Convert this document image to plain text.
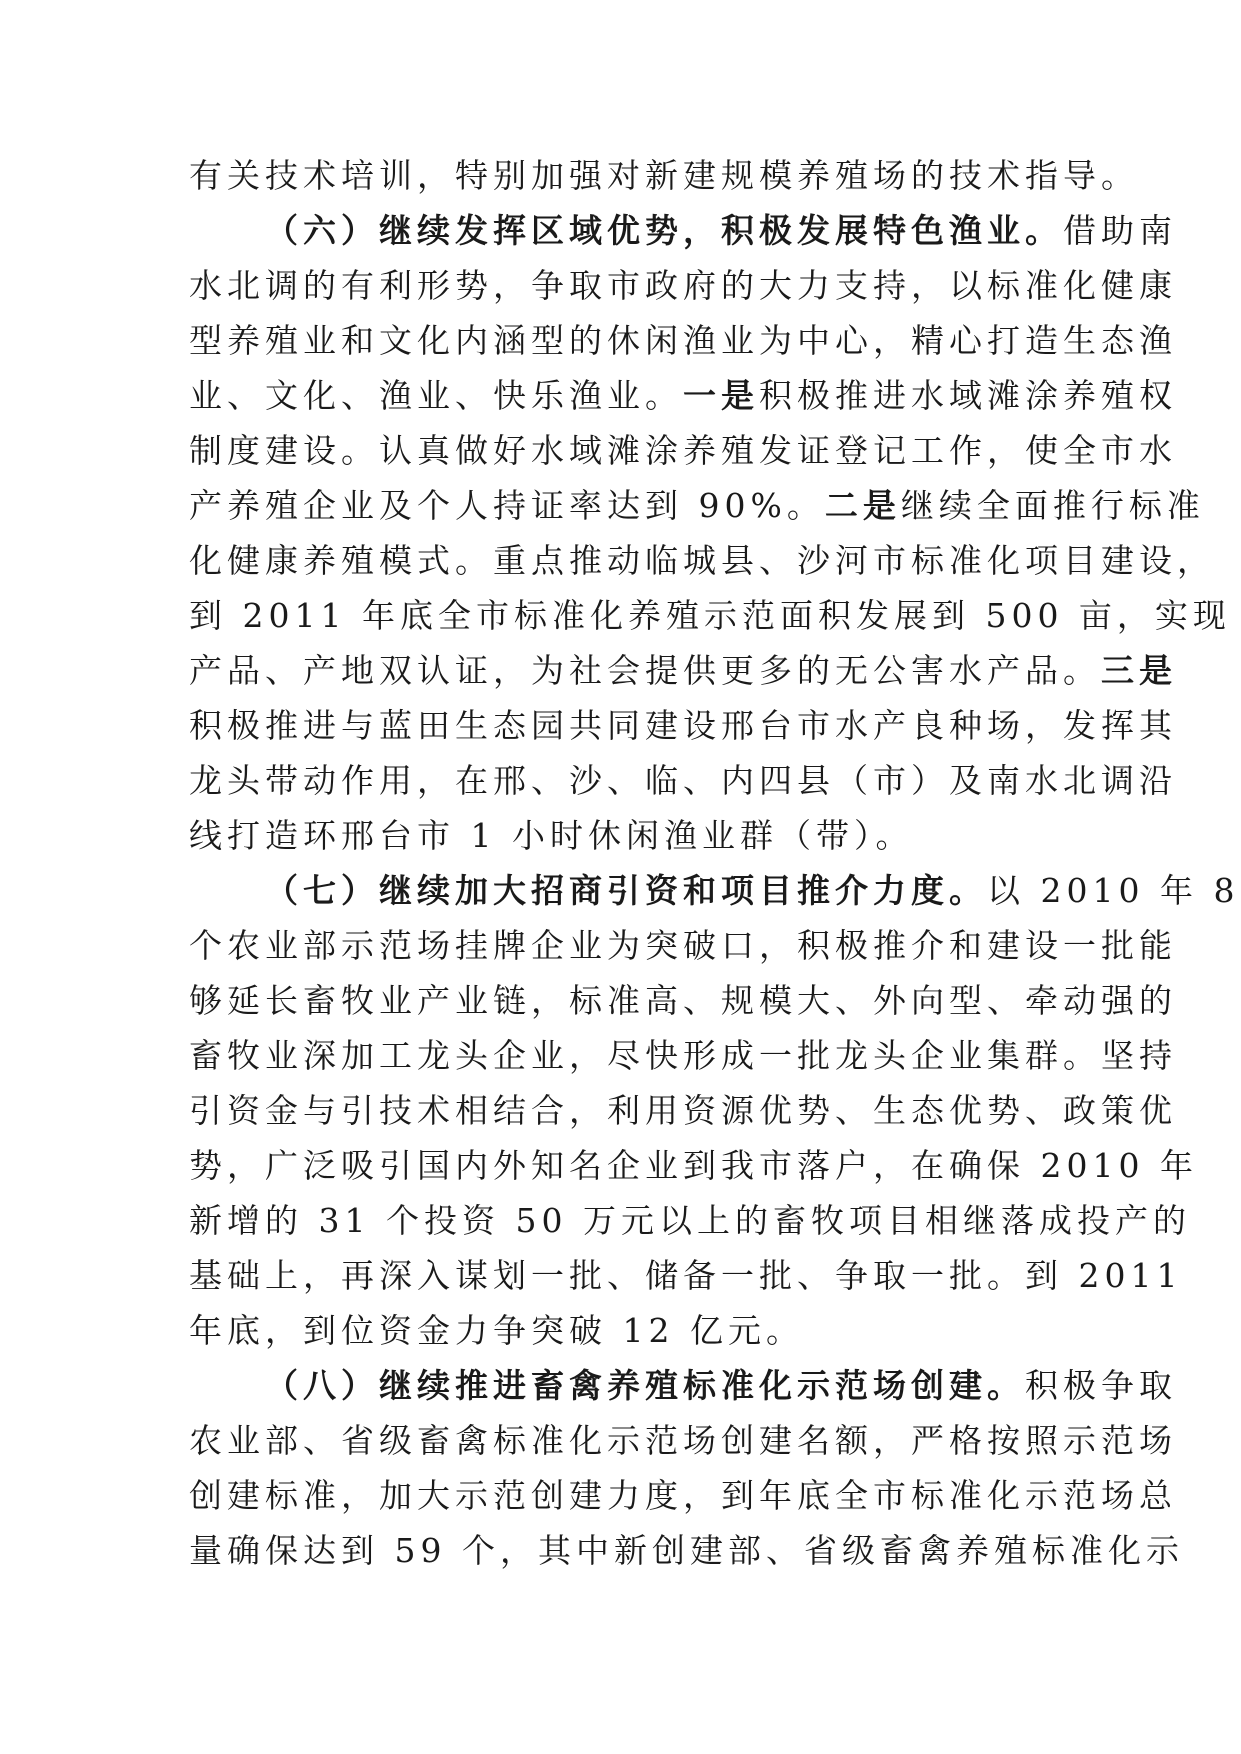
有关技术培训，特别加强对新建规模养殖场的技术指导。
（六）继续发挥区域优势，积极发展特色渔业。借助南
水北调的有利形势，争取市政府的大力支持，以标准化健康
型养殖业和文化内涵型的休闲渔业为中心，精心打造生态渔
业、文化、渔业、快乐渔业。一是积极推进水域滩涂养殖权
制度建设。认真做好水域滩涂养殖发证登记工作，使全市水
产养殖企业及个人持证率达到 90%。二是继续全面推行标准
化健康养殖模式。重点推动临城县、沙河市标准化项目建设，
到 2011 年底全市标准化养殖示范面积发展到 500 亩，实现
产品、产地双认证，为社会提供更多的无公害水产品。三是
积极推进与蓝田生态园共同建设邢台市水产良种场，发挥其
龙头带动作用，在邢、沙、临、内四县（市）及南水北调沿
线打造环邢台市 1 小时休闲渔业群（带）。
（七）继续加大招商引资和项目推介力度。以 2010 年 8
个农业部示范场挂牌企业为突破口，积极推介和建设一批能
够延长畜牧业产业链，标准高、规模大、外向型、牵动强的
畜牧业深加工龙头企业，尽快形成一批龙头企业集群。坚持
引资金与引技术相结合，利用资源优势、生态优势、政策优
势，广泛吸引国内外知名企业到我市落户，在确保 2010 年
新增的 31 个投资 50 万元以上的畜牧项目相继落成投产的
基础上，再深入谋划一批、储备一批、争取一批。到 2011
年底，到位资金力争突破 12 亿元。
（八）继续推进畜禽养殖标准化示范场创建。积极争取
农业部、省级畜禽标准化示范场创建名额，严格按照示范场
创建标准，加大示范创建力度，到年底全市标准化示范场总
量确保达到 59 个，其中新创建部、省级畜禽养殖标准化示
